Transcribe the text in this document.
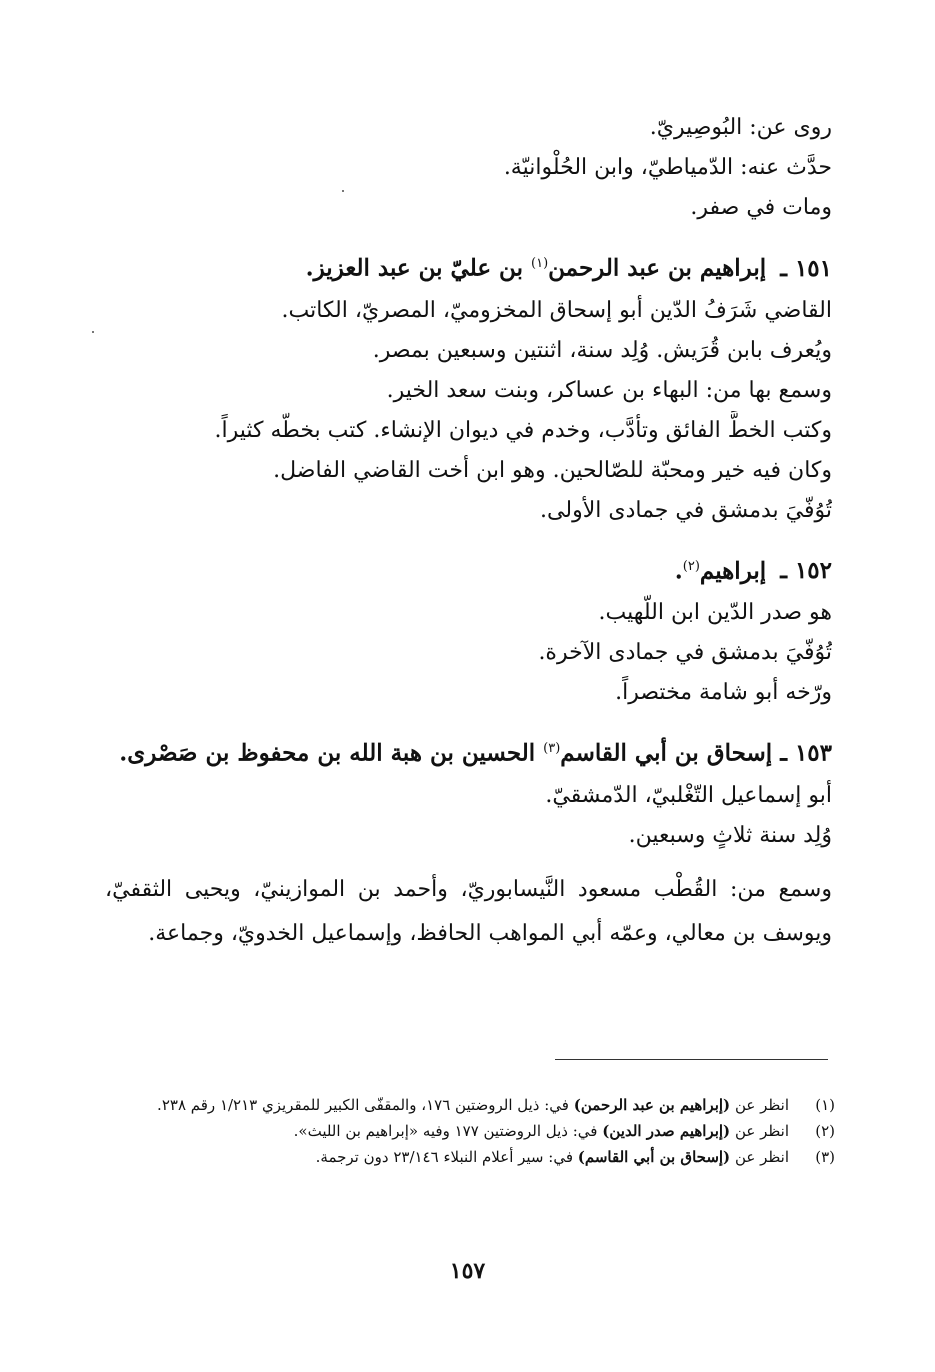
روى عن: البُوصِيريّ.
حدَّث عنه: الدّمياطيّ، وابن الحُلْوانيّة.
ومات في صفر.
١٥١ ـ إبراهيم بن عبد الرحمن$^{(١)}$ بن عليّ بن عبد العزيز.
القاضي شَرَفُ الدّين أبو إسحاق المخزوميّ، المصريّ، الكاتب.
ويُعرف بابن قُرَيش. وُلِد سنة، اثنتين وسبعين بمصر.
وسمع بها من: البهاء بن عساكر، وبنت سعد الخير.
وكتب الخطَّ الفائق وتأدَّب، وخدم في ديوان الإنشاء. كتب بخطّه كثيراً.
وكان فيه خير ومحبّة للصّالحين. وهو ابن أخت القاضي الفاضل.
تُوُفّيَ بدمشق في جمادى الأولى.
١٥٢ ـ إبراهيم$^{(٢)}$.
هو صدر الدّين ابن اللّهيب.
تُوُفّيَ بدمشق في جمادى الآخرة.
ورّخه أبو شامة مختصراً.
١٥٣ ـ إسحاق بن أبي القاسم$^{(٣)}$ الحسين بن هبة الله بن محفوظ بن صَصْرى.
أبو إسماعيل التّغْلبيّ، الدّمشقيّ.
وُلِد سنة ثلاثٍ وسبعين.
وسمع من: القُطْب مسعود النَّيسابوريّ، وأحمد بن الموازينيّ، ويحيى الثقفيّ، ويوسف بن معالي، وعمّه أبي المواهب الحافظ، وإسماعيل الخدويّ، وجماعة.
(١)
انظر عن (إبراهيم بن عبد الرحمن) في: ذيل الروضتين ١٧٦، والمقفّى الكبير للمقريزي ١/٢١٣ رقم ٢٣٨.
(٢)
انظر عن (إبراهيم صدر الدين) في: ذيل الروضتين ١٧٧ وفيه «إبراهيم بن الليث».
(٣)
انظر عن (إسحاق بن أبي القاسم) في: سير أعلام النبلاء ٢٣/١٤٦ دون ترجمة.
١٥٧
